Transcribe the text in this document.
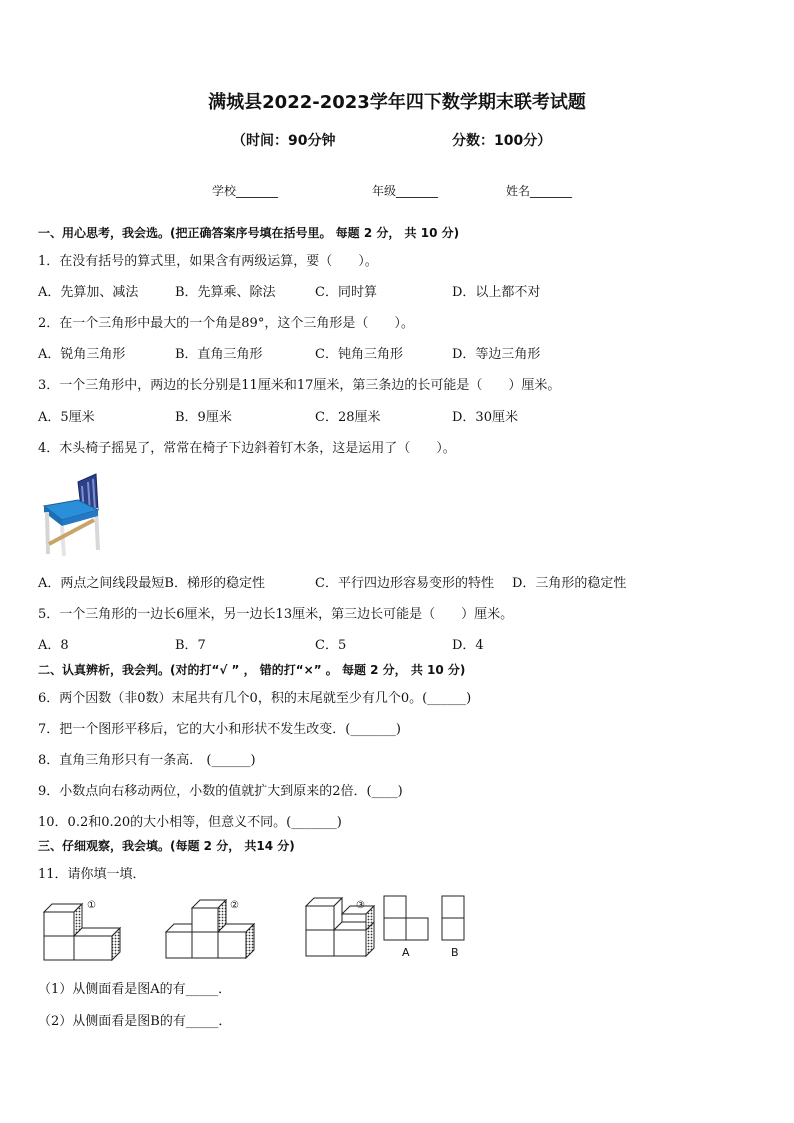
满城县2022-2023学年四下数学期末联考试题
（时间：90分钟	分数：100分）
学校_______	年级_______	姓名_______
一、用心思考，我会选。(把正确答案序号填在括号里。 每题 2 分， 共 10 分)
1．在没有括号的算式里，如果含有两级运算，要（　　）。
A．先算加、减法	B．先算乘、除法	C．同时算	D．以上都不对
2．在一个三角形中最大的一个角是89°，这个三角形是（　　）。
A．锐角三角形	B．直角三角形	C．钝角三角形	D．等边三角形
3．一个三角形中，两边的长分别是11厘米和17厘米，第三条边的长可能是（　　）厘米。
A．5厘米	B．9厘米	C．28厘米	D．30厘米
4．木头椅子摇晃了，常常在椅子下边斜着钉木条，这是运用了（　　）。
A．两点之间线段最短B．梯形的稳定性	C．平行四边形容易变形的特性 D．三角形的稳定性
5．一个三角形的一边长6厘米，另一边长13厘米，第三边长可能是（　　）厘米。
A．8	B．7	C．5	D．4
二、认真辨析，我会判。(对的打“√ ” ， 错的打“×” 。 每题 2 分， 共 10 分)
6．两个因数（非0数）末尾共有几个0，积的末尾就至少有几个0。(______)
7．把一个图形平移后，它的大小和形状不发生改变．(_______)
8．直角三角形只有一条高． (______)
9．小数点向右移动两位，小数的值就扩大到原来的2倍．(____)
10．0.2和0.20的大小相等，但意义不同。(_______)
三、仔细观察，我会填。(每题 2 分， 共14 分)
11．请你填一填．
①	②	③
A	B
（1）从侧面看是图A的有_____．
（2）从侧面看是图B的有_____．
